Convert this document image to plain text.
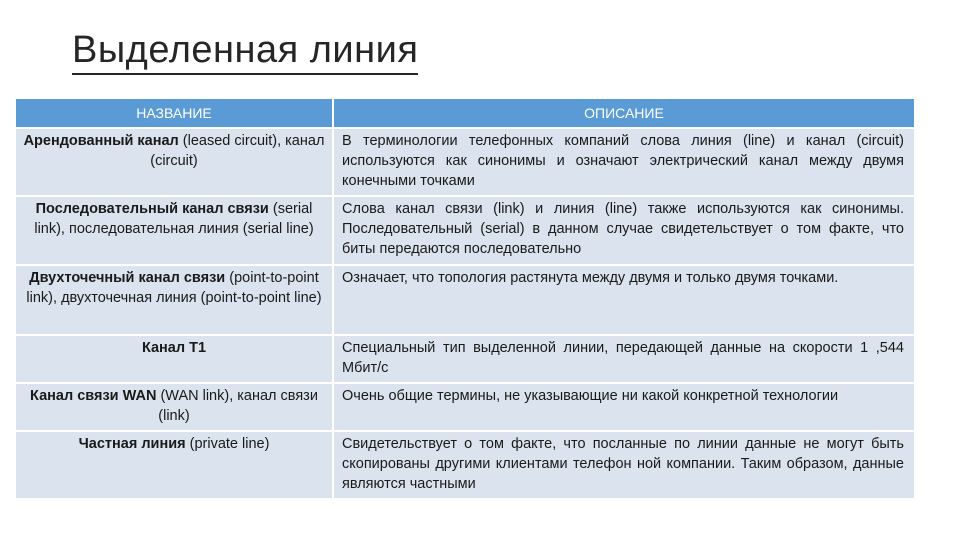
Выделенная линия
НАЗВАНИЕ	ОПИСАНИЕ
Арендованный канал (leased circuit), канал (circuit)	В терминологии телефонных компаний слова линия (line) и канал (circuit) используются как синонимы и означают электрический канал между двумя конечными точками
Последовательный канал связи (serial link), последовательная линия (serial line)	Слова канал связи (link) и линия (line) также используются как синонимы. Последовательный (serial) в данном случае свидетельствует о том факте, что биты передаются последовательно
Двухточечный канал связи (point-to-point link), двухточечная линия (point-to-point line)	Означает, что топология растянута между двумя и только двумя точками.
Канал Т1	Специальный тип выделенной линии, передающей данные на скорости 1 ,544 Мбит/с
Канал связи WAN (WAN link), канал связи (link)	Очень общие термины, не указывающие ни какой конкретной технологии
Частная линия (private line)	Свидетельствует о том факте, что посланные по линии данные не могут быть скопированы другими клиентами телефон ной компании. Таким образом, данные являются частными
